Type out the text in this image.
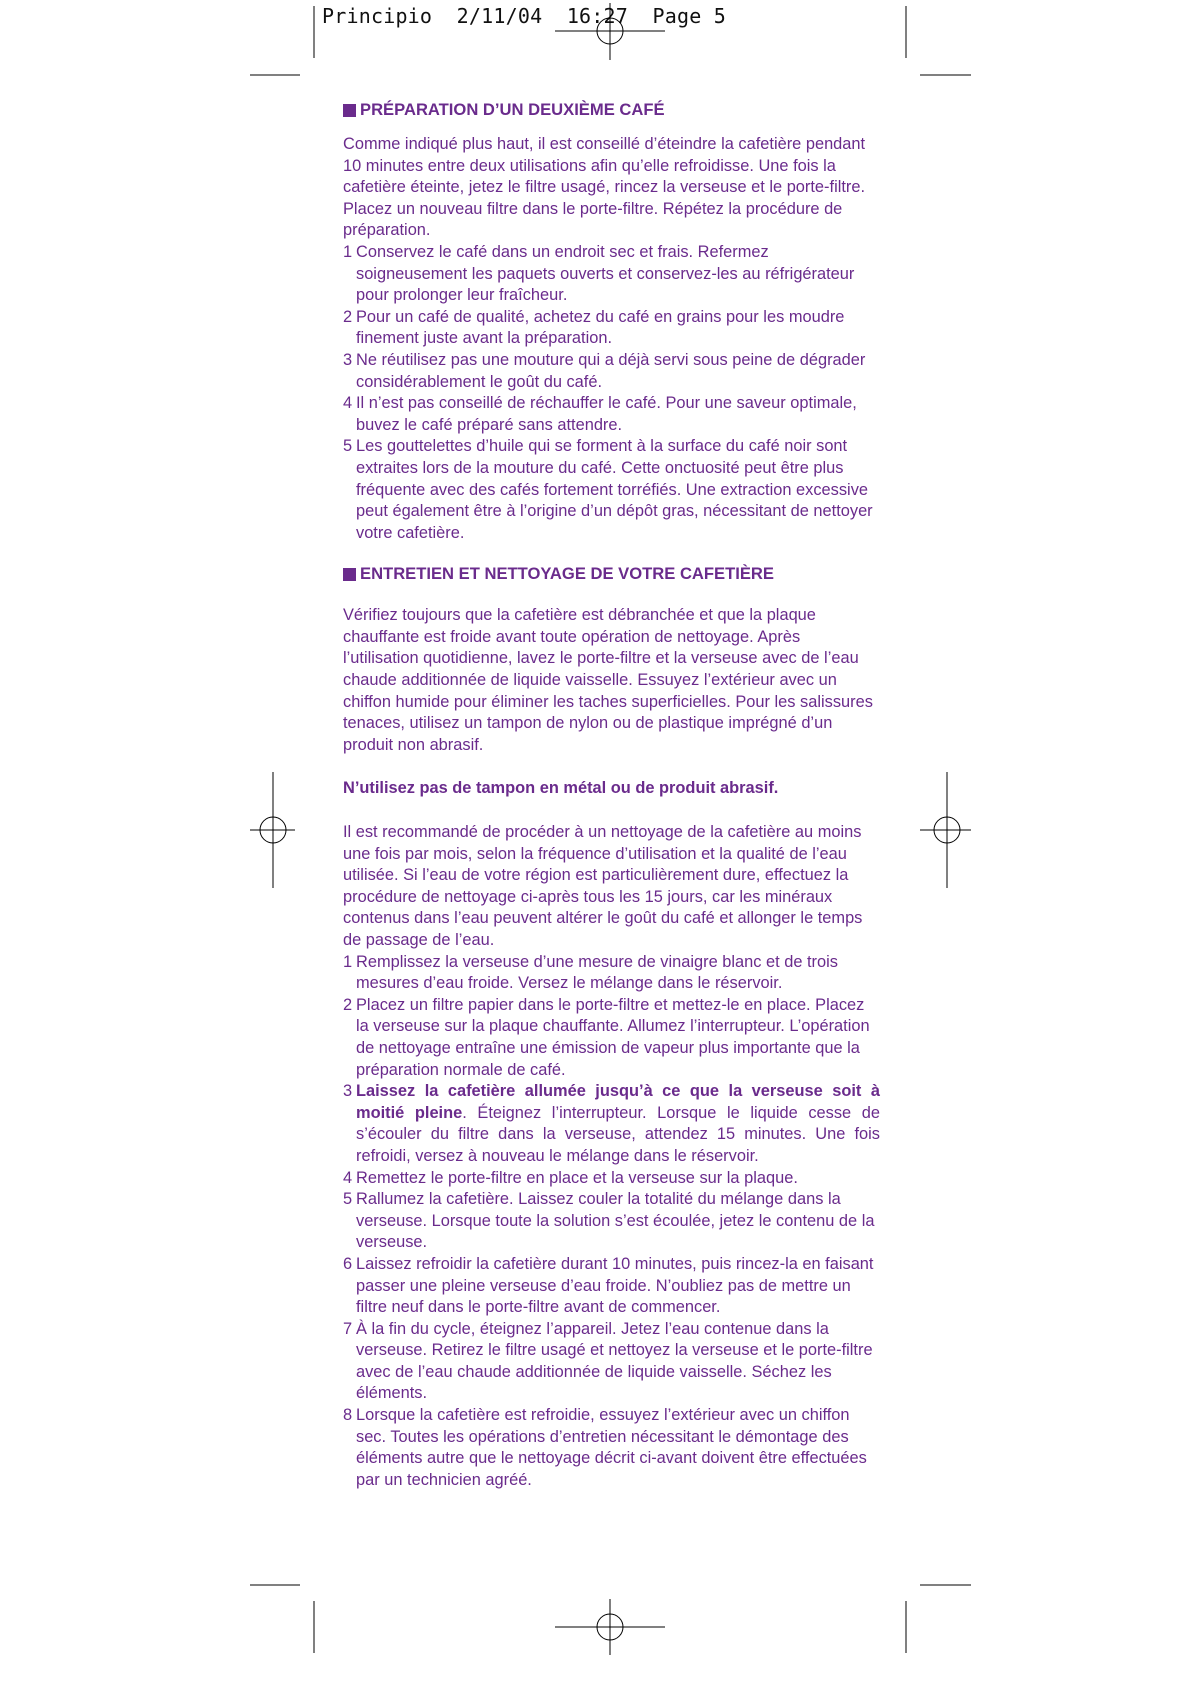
Principio  2/11/04  16:27  Page 5
PRÉPARATION D’UN DEUXIÈME CAFÉ

Comme indiqué plus haut, il est conseillé d’éteindre la cafetière pendant 10 minutes entre deux utilisations afin qu’elle refroidisse. Une fois la cafetière éteinte, jetez le filtre usagé, rincez la verseuse et le porte-filtre. Placez un nouveau filtre dans le porte-filtre. Répétez la procédure de préparation.

1 Conservez le café dans un endroit sec et frais. Refermez soigneusement les paquets ouverts et conservez-les au réfrigérateur pour prolonger leur fraîcheur.
2 Pour un café de qualité, achetez du café en grains pour les moudre finement juste avant la préparation.
3 Ne réutilisez pas une mouture qui a déjà servi sous peine de dégrader considérablement le goût du café.
4 Il n’est pas conseillé de réchauffer le café. Pour une saveur optimale, buvez le café préparé sans attendre.
5 Les gouttelettes d’huile qui se forment à la surface du café noir sont extraites lors de la mouture du café. Cette onctuosité peut être plus fréquente avec des cafés fortement torréfiés. Une extraction excessive peut également être à l’origine d’un dépôt gras, nécessitant de nettoyer votre cafetière.
ENTRETIEN ET NETTOYAGE DE VOTRE CAFETIÈRE

Vérifiez toujours que la cafetière est débranchée et que la plaque chauffante est froide avant toute opération de nettoyage. Après l’utilisation quotidienne, lavez le porte-filtre et la verseuse avec de l’eau chaude additionnée de liquide vaisselle. Essuyez l’extérieur avec un chiffon humide pour éliminer les taches superficielles. Pour les salissures tenaces, utilisez un tampon de nylon ou de plastique imprégné d’un produit non abrasif.

N’utilisez pas de tampon en métal ou de produit abrasif.

Il est recommandé de procéder à un nettoyage de la cafetière au moins une fois par mois, selon la fréquence d’utilisation et la qualité de l’eau utilisée. Si l’eau de votre région est particulièrement dure, effectuez la procédure de nettoyage ci-après tous les 15 jours, car les minéraux contenus dans l’eau peuvent altérer le goût du café et allonger le temps de passage de l’eau.

1 Remplissez la verseuse d’une mesure de vinaigre blanc et de trois mesures d’eau froide. Versez le mélange dans le réservoir.
2 Placez un filtre papier dans le porte-filtre et mettez-le en place. Placez la verseuse sur la plaque chauffante. Allumez l’interrupteur. L’opération de nettoyage entraîne une émission de vapeur plus importante que la préparation normale de café.
3 Laissez la cafetière allumée jusqu’à ce que la verseuse soit à moitié pleine. Éteignez l’interrupteur. Lorsque le liquide cesse de s’écouler du filtre dans la verseuse, attendez 15 minutes. Une fois refroidi, versez à nouveau le mélange dans le réservoir.
4 Remettez le porte-filtre en place et la verseuse sur la plaque.
5 Rallumez la cafetière. Laissez couler la totalité du mélange dans la verseuse. Lorsque toute la solution s’est écoulée, jetez le contenu de la verseuse.
6 Laissez refroidir la cafetière durant 10 minutes, puis rincez-la en faisant passer une pleine verseuse d’eau froide. N’oubliez pas de mettre un filtre neuf dans le porte-filtre avant de commencer.
7 À la fin du cycle, éteignez l’appareil. Jetez l’eau contenue dans la verseuse. Retirez le filtre usagé et nettoyez la verseuse et le porte-filtre avec de l’eau chaude additionnée de liquide vaisselle. Séchez les éléments.
8 Lorsque la cafetière est refroidie, essuyez l’extérieur avec un chiffon sec. Toutes les opérations d’entretien nécessitant le démontage des éléments autre que le nettoyage décrit ci-avant doivent être effectuées par un technicien agréé.
